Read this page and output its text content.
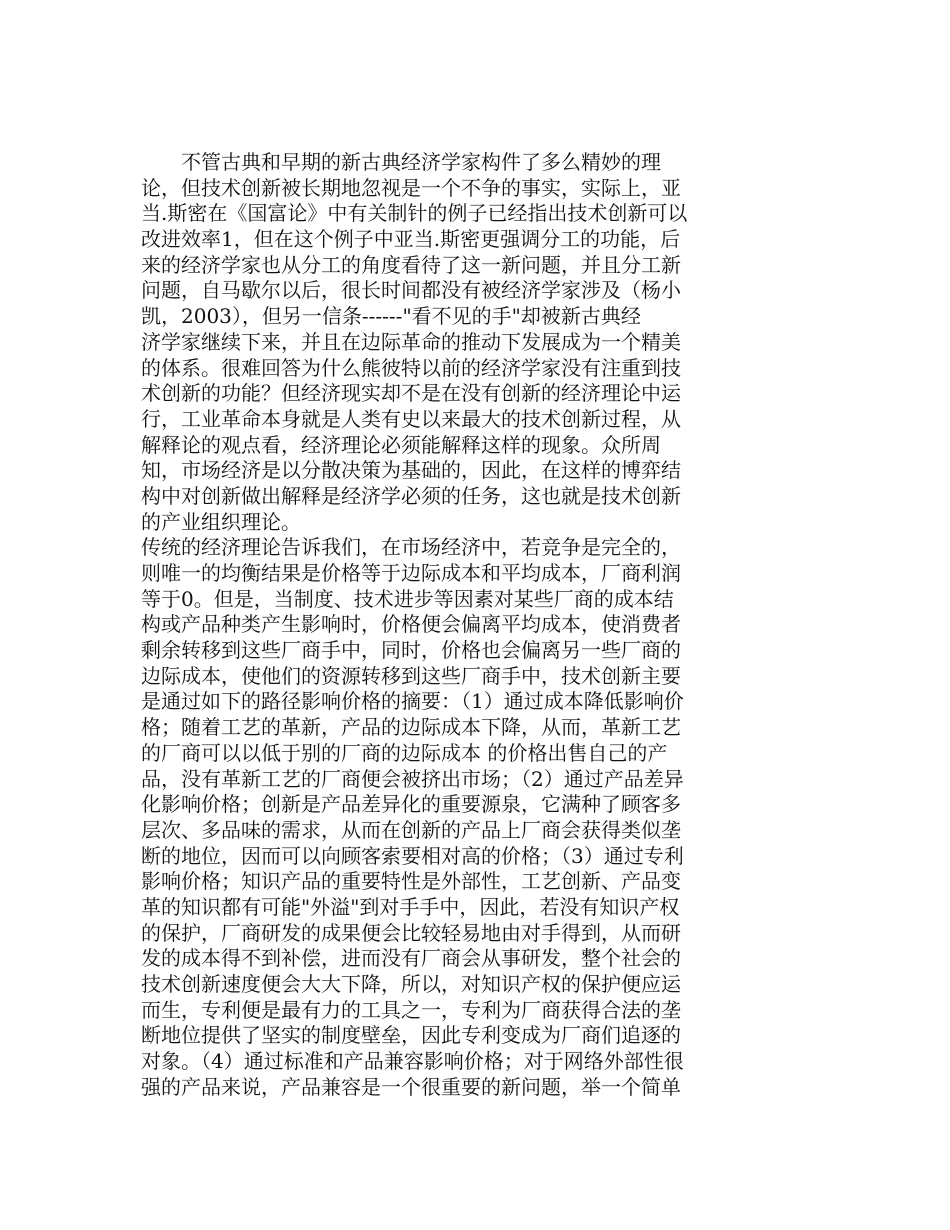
不管古典和早期的新古典经济学家构件了多么精妙的理
论，但技术创新被长期地忽视是一个不争的事实，实际上，亚
当.斯密在《国富论》中有关制针的例子已经指出技术创新可以
改进效率1，但在这个例子中亚当.斯密更强调分工的功能，后
来的经济学家也从分工的角度看待了这一新问题，并且分工新
问题，自马歇尔以后，很长时间都没有被经济学家涉及（杨小
凯，2003），但另一信条------"看不见的手"却被新古典经
济学家继续下来，并且在边际革命的推动下发展成为一个精美
的体系。很难回答为什么熊彼特以前的经济学家没有注重到技
术创新的功能？但经济现实却不是在没有创新的经济理论中运
行，工业革命本身就是人类有史以来最大的技术创新过程，从
解释论的观点看，经济理论必须能解释这样的现象。众所周
知，市场经济是以分散决策为基础的，因此，在这样的博弈结
构中对创新做出解释是经济学必须的任务，这也就是技术创新
的产业组织理论。
传统的经济理论告诉我们，在市场经济中，若竞争是完全的，
则唯一的均衡结果是价格等于边际成本和平均成本，厂商利润
等于0。但是，当制度、技术进步等因素对某些厂商的成本结
构或产品种类产生影响时，价格便会偏离平均成本，使消费者
剩余转移到这些厂商手中，同时，价格也会偏离另一些厂商的
边际成本，使他们的资源转移到这些厂商手中，技术创新主要
是通过如下的路径影响价格的摘要：（1）通过成本降低影响价
格；随着工艺的革新，产品的边际成本下降，从而，革新工艺
的厂商可以以低于别的厂商的边际成本 的价格出售自己的产
品，没有革新工艺的厂商便会被挤出市场；（2）通过产品差异
化影响价格；创新是产品差异化的重要源泉，它满种了顾客多
层次、多品味的需求，从而在创新的产品上厂商会获得类似垄
断的地位，因而可以向顾客索要相对高的价格；（3）通过专利
影响价格；知识产品的重要特性是外部性，工艺创新、产品变
革的知识都有可能"外溢"到对手手中，因此，若没有知识产权
的保护，厂商研发的成果便会比较轻易地由对手得到，从而研
发的成本得不到补偿，进而没有厂商会从事研发，整个社会的
技术创新速度便会大大下降，所以，对知识产权的保护便应运
而生，专利便是最有力的工具之一，专利为厂商获得合法的垄
断地位提供了坚实的制度壁垒，因此专利变成为厂商们追逐的
对象。（4）通过标准和产品兼容影响价格；对于网络外部性很
强的产品来说，产品兼容是一个很重要的新问题，举一个简单
